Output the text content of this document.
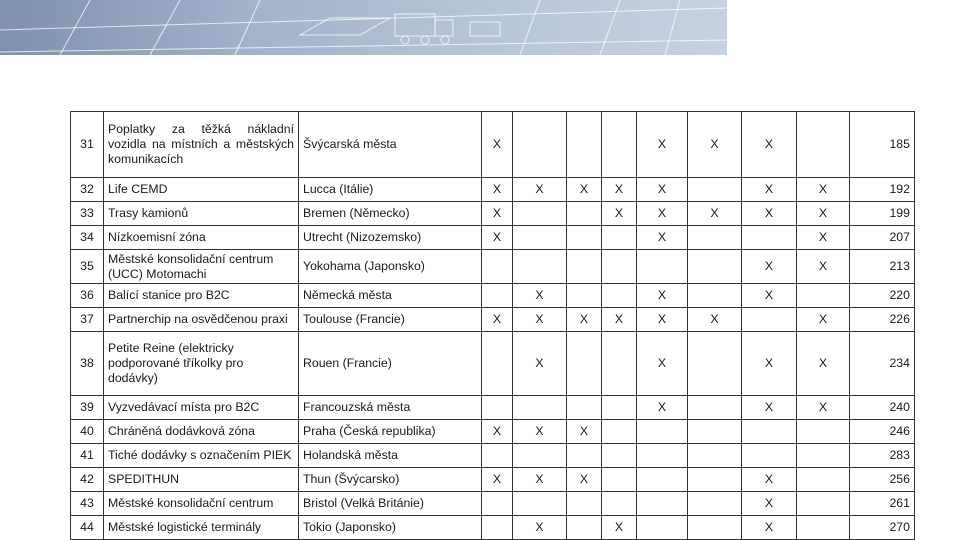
31	Poplatky za těžká nákladní vozidla na místních a městských komunikacích	Švýcarská města	X				X	X	X		185
32	Life CEMD	Lucca (Itálie)	X	X	X	X	X		X	X	192
33	Trasy kamionů	Bremen (Německo)	X			X	X	X	X	X	199
34	Nízkoemisní zóna	Utrecht (Nizozemsko)	X				X			X	207
35	Městské konsolidační centrum (UCC) Motomachi	Yokohama (Japonsko)							X	X	213
36	Balící stanice pro B2C	Německá města		X			X		X		220
37	Partnerchip na osvědčenou praxi	Toulouse (Francie)	X	X	X	X	X	X		X	226
38	Petite Reine (elektricky podporované tříkolky pro dodávky)	Rouen (Francie)		X			X		X	X	234
39	Vyzvedávací místa pro B2C	Francouzská města					X		X	X	240
40	Chráněná dodávková zóna	Praha (Česká republika)	X	X	X						246
41	Tiché dodávky s označením PIEK	Holandská města									283
42	SPEDITHUN	Thun (Švýcarsko)	X	X	X				X		256
43	Městské konsolidační centrum	Bristol (Velká Británie)							X		261
44	Městské logistické terminály	Tokio (Japonsko)		X		X			X		270
